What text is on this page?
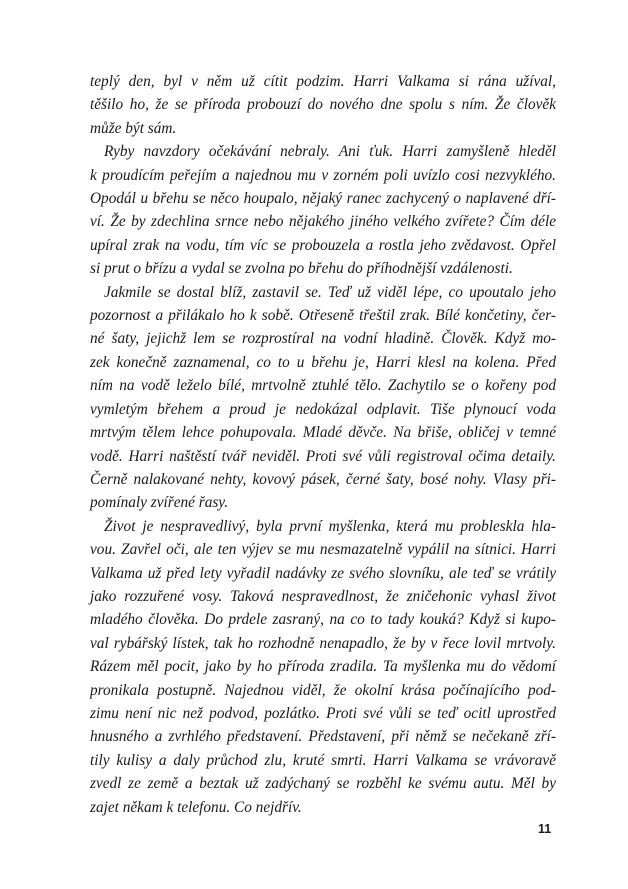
teplý den, byl v něm už cítit podzim. Harri Valkama si rána užíval,
těšilo ho, že se příroda probouzí do nového dne spolu s ním. Že člověk
může být sám.
Ryby navzdory očekávání nebraly. Ani ťuk. Harri zamyšleně hleděl
k proudícím peřejím a najednou mu v zorném poli uvízlo cosi nezvyklého.
Opodál u břehu se něco houpalo, nějaký ranec zachycený o naplavené dří-
ví. Že by zdechlina srnce nebo nějakého jiného velkého zvířete? Čím déle
upíral zrak na vodu, tím víc se probouzela a rostla jeho zvědavost. Opřel
si prut o břízu a vydal se zvolna po břehu do příhodnější vzdálenosti.
Jakmile se dostal blíž, zastavil se. Teď už viděl lépe, co upoutalo jeho
pozornost a přilákalo ho k sobě. Otřeseně třeštil zrak. Bílé končetiny, čer-
né šaty, jejichž lem se rozprostíral na vodní hladině. Člověk. Když mo-
zek konečně zaznamenal, co to u břehu je, Harri klesl na kolena. Před
ním na vodě leželo bílé, mrtvolně ztuhlé tělo. Zachytilo se o kořeny pod
vymletým břehem a proud je nedokázal odplavit. Tiše plynoucí voda
mrtvým tělem lehce pohupovala. Mladé děvče. Na břiše, obličej v temné
vodě. Harri naštěstí tvář neviděl. Proti své vůli registroval očima detaily.
Černě nalakované nehty, kovový pásek, černé šaty, bosé nohy. Vlasy při-
pomínaly zvířené řasy.
Život je nespravedlivý, byla první myšlenka, která mu probleskla hla-
vou. Zavřel oči, ale ten výjev se mu nesmazatelně vypálil na sítnici. Harri
Valkama už před lety vyřadil nadávky ze svého slovníku, ale teď se vrátily
jako rozzuřené vosy. Taková nespravedlnost, že zničehonic vyhasl život
mladého člověka. Do prdele zasraný, na co to tady kouká? Když si kupo-
val rybářský lístek, tak ho rozhodně nenapadlo, že by v řece lovil mrtvoly.
Rázem měl pocit, jako by ho příroda zradila. Ta myšlenka mu do vědomí
pronikala postupně. Najednou viděl, že okolní krása počínajícího pod-
zimu není nic než podvod, pozlátko. Proti své vůli se teď ocitl uprostřed
hnusného a zvrhlého představení. Představení, při němž se nečekaně zří-
tily kulisy a daly průchod zlu, kruté smrti. Harri Valkama se vrávoravě
zvedl ze země a beztak už zadýchaný se rozběhl ke svému autu. Měl by
zajet někam k telefonu. Co nejdřív.
11
